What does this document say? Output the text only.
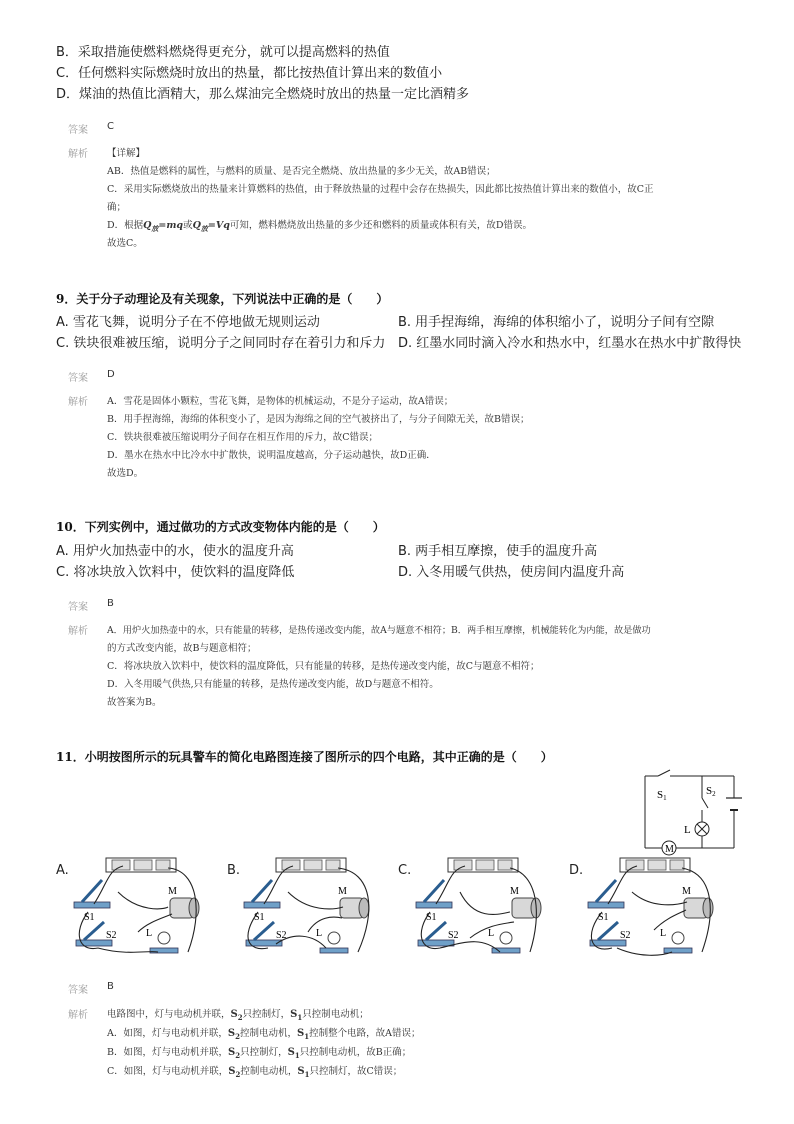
B．采取措施使燃料燃烧得更充分，就可以提高燃料的热值
C．任何燃料实际燃烧时放出的热量，都比按热值计算出来的数值小
D．煤油的热值比酒精大，那么煤油完全燃烧时放出的热量一定比酒精多
答案 C
解析 【详解】
AB．热值是燃料的属性，与燃料的质量、是否完全燃烧、放出热量的多少无关，故AB错误；
C．采用实际燃烧放出的热量来计算燃料的热值，由于释放热量的过程中会存在热损失，因此都比按热值计算出来的数值小，故C正
确；
D．根据$Q_放=mq$或$Q_放=Vq$可知，燃料燃烧放出热量的多少还和燃料的质量或体积有关，故D错误。
故选C。
9．关于分子动理论及有关现象，下列说法中正确的是（　　）
A. 雪花飞舞，说明分子在不停地做无规则运动	B. 用手捏海绵，海绵的体积缩小了，说明分子间有空隙
C. 铁块很难被压缩，说明分子之间同时存在着引力和斥力 D. 红墨水同时滴入冷水和热水中，红墨水在热水中扩散得快
答案 D
解析 A．雪花是固体小颗粒，雪花飞舞，是物体的机械运动，不是分子运动，故A错误；
B．用手捏海绵，海绵的体积变小了，是因为海绵之间的空气被挤出了，与分子间隙无关，故B错误；
C．铁块很难被压缩说明分子间存在相互作用的斥力，故C错误；
D．墨水在热水中比冷水中扩散快，说明温度越高，分子运动越快，故D正确．
故选D。
10．下列实例中，通过做功的方式改变物体内能的是（　　）
A. 用炉火加热壶中的水，使水的温度升高	B. 两手相互摩擦，使手的温度升高
C. 将冰块放入饮料中，使饮料的温度降低	D. 入冬用暖气供热，使房间内温度升高
答案 B
解析 A．用炉火加热壶中的水，只有能量的转移，是热传递改变内能，故A与题意不相符；B．两手相互摩擦，机械能转化为内能，故是做功
的方式改变内能，故B与题意相符；
C．将冰块放入饮料中，使饮料的温度降低，只有能量的转移，是热传递改变内能，故C与题意不相符；
D．入冬用暖气供热,只有能量的转移，是热传递改变内能，故D与题意不相符。
故答案为B。
11．小明按图所示的玩具警车的简化电路图连接了图所示的四个电路，其中正确的是（　　）
S1
S2
L
M
A.	B.	C.	D.
S1
S2
M
L
S1
S2
M
L
S1
S2
M
L
S1
S2
M
L
答案 B
解析 电路图中，灯与电动机并联，$S_2$只控制灯，$S_1$只控制电动机；
A．如图，灯与电动机并联，$S_2$控制电动机，$S_1$控制整个电路，故A错误；
B．如图，灯与电动机并联，$S_2$只控制灯，$S_1$只控制电动机，故B正确；
C．如图，灯与电动机并联，$S_2$控制电动机，$S_1$只控制灯，故C错误；
